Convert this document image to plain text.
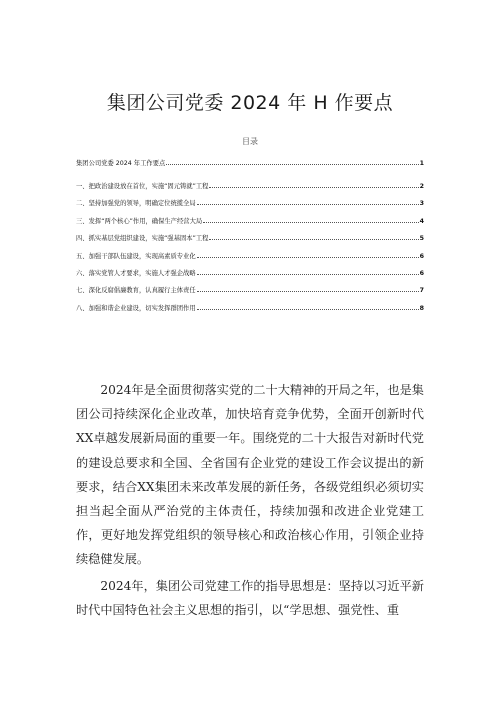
集团公司党委 2024 年 H 作要点
目录
集团公司党委 2024 年工作要点	1
一、把政治建设放在首位，实施“固元铸就”工程	2
二、坚持加强党的领导，明确定位统揽全局	3
三、发挥“两个核心”作用，确保生产经营大局	4
四、抓实基层党组织建设，实施“强基固本”工程	5
五、加强干部队伍建设，实现高素质专业化	6
六、落实党管人才要求，实施人才强企战略	6
七、深化反腐倡廉教育，认真履行主体责任	7
八、加强和谐企业建设，切实发挥群团作用	8

2024年是全面贯彻落实党的二十大精神的开局之年，也是集团公司持续深化企业改革，加快培育竞争优势，全面开创新时代XX卓越发展新局面的重要一年。围绕党的二十大报告对新时代党的建设总要求和全国、全省国有企业党的建设工作会议提出的新要求，结合XX集团未来改革发展的新任务，各级党组织必须切实担当起全面从严治党的主体责任，持续加强和改进企业党建工作，更好地发挥党组织的领导核心和政治核心作用，引领企业持续稳健发展。

2024年，集团公司党建工作的指导思想是：坚持以习近平新时代中国特色社会主义思想的指引，以“学思想、强党性、重
